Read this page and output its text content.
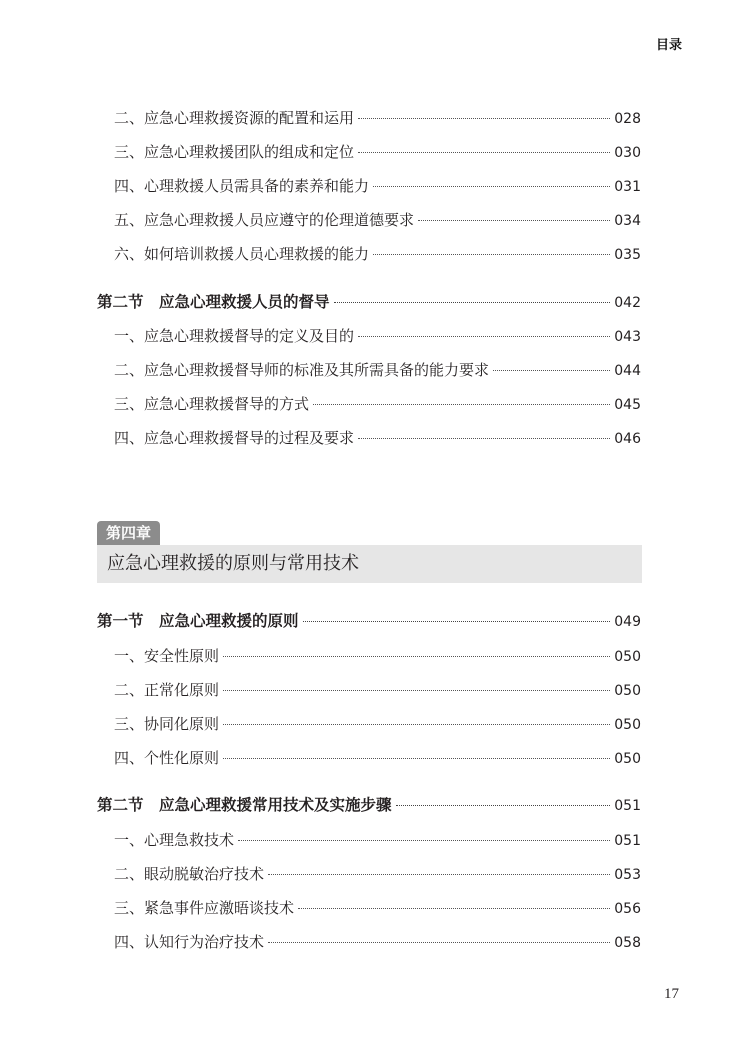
目录
二、应急心理救援资源的配置和运用	028
三、应急心理救援团队的组成和定位	030
四、心理救援人员需具备的素养和能力	031
五、应急心理救援人员应遵守的伦理道德要求	034
六、如何培训救援人员心理救援的能力	035
第二节　应急心理救援人员的督导	042
一、应急心理救援督导的定义及目的	043
二、应急心理救援督导师的标准及其所需具备的能力要求	044
三、应急心理救援督导的方式	045
四、应急心理救援督导的过程及要求	046
第四章
应急心理救援的原则与常用技术
第一节　应急心理救援的原则	049
一、安全性原则	050
二、正常化原则	050
三、协同化原则	050
四、个性化原则	050
第二节　应急心理救援常用技术及实施步骤	051
一、心理急救技术	051
二、眼动脱敏治疗技术	053
三、紧急事件应激晤谈技术	056
四、认知行为治疗技术	058
17
